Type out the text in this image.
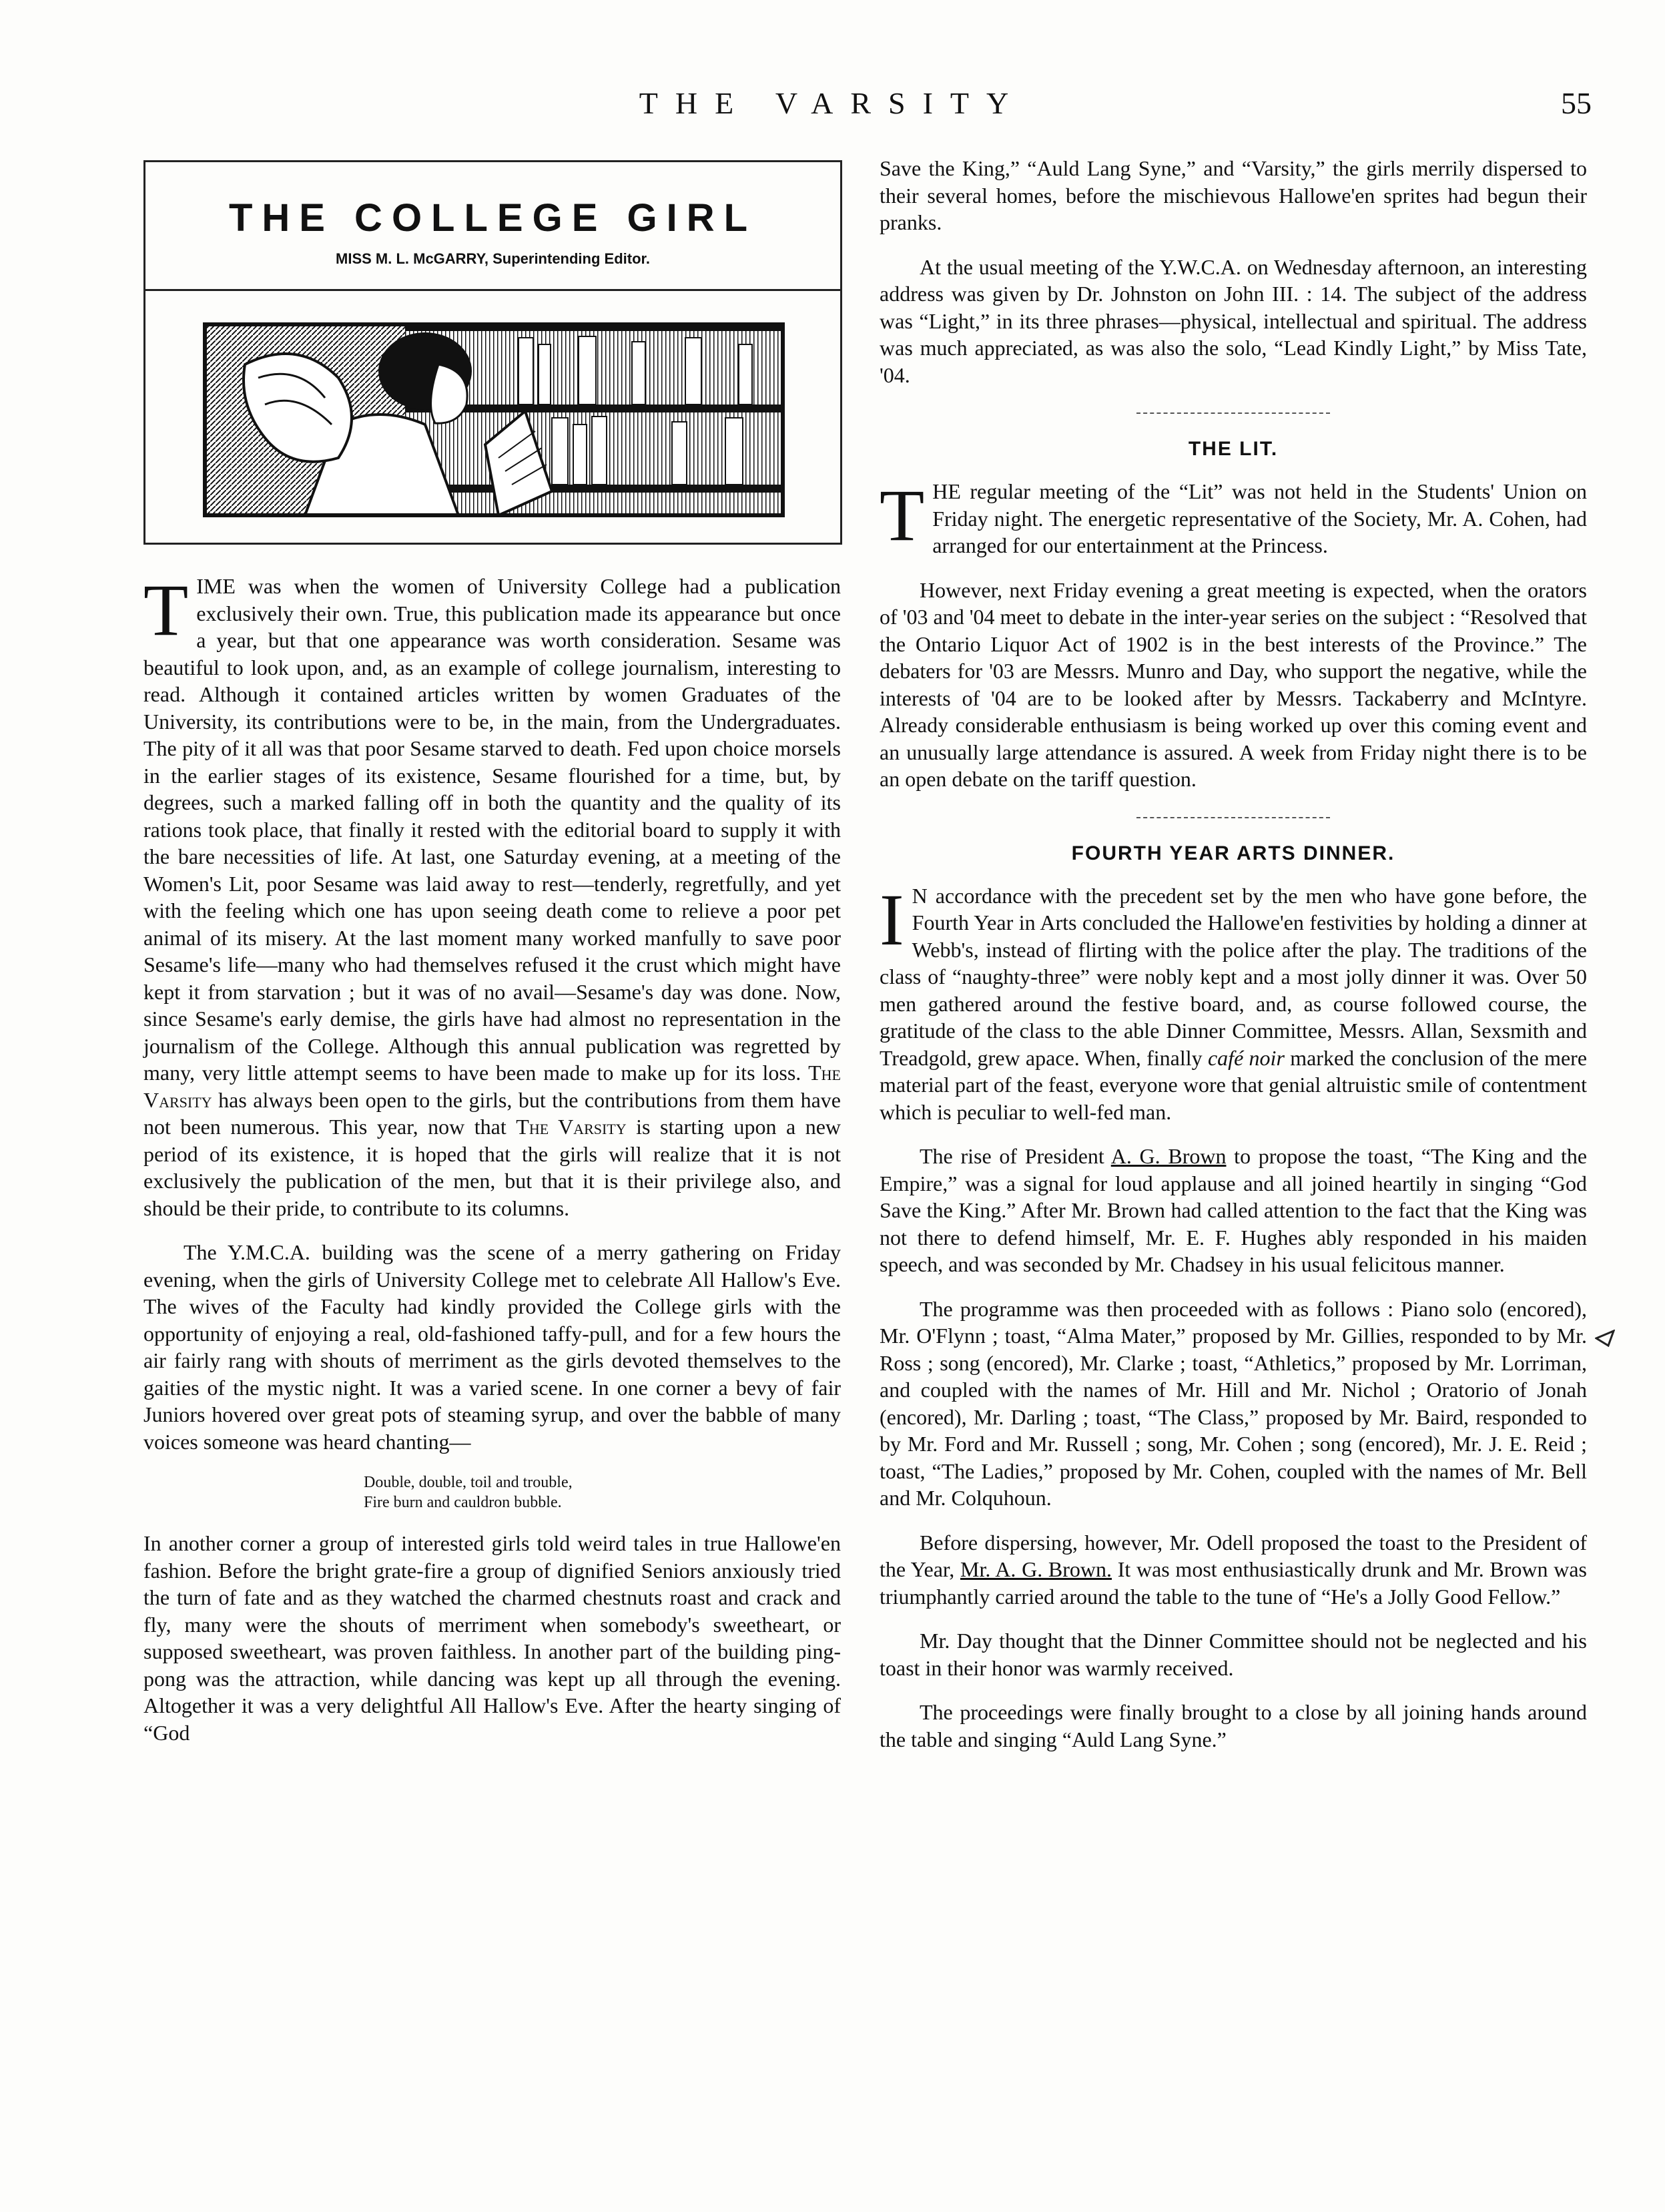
THE VARSITY	55
THE COLLEGE GIRL
MISS M. L. McGARRY, Superintending Editor.

TIME was when the women of University College had a publication exclusively their own. True, this publication made its appearance but once a year, but that one appearance was worth consideration. Sesame was beautiful to look upon, and, as an example of college journalism, interesting to read. Although it contained articles written by women Graduates of the University, its contributions were to be, in the main, from the Undergraduates. The pity of it all was that poor Sesame starved to death. Fed upon choice morsels in the earlier stages of its existence, Sesame flourished for a time, but, by degrees, such a marked falling off in both the quantity and the quality of its rations took place, that finally it rested with the editorial board to supply it with the bare necessities of life. At last, one Saturday evening, at a meeting of the Women's Lit, poor Sesame was laid away to rest—tenderly, regretfully, and yet with the feeling which one has upon seeing death come to relieve a poor pet animal of its misery. At the last moment many worked manfully to save poor Sesame's life—many who had themselves refused it the crust which might have kept it from starvation ; but it was of no avail—Sesame's day was done. Now, since Sesame's early demise, the girls have had almost no representation in the journalism of the College. Although this annual publication was regretted by many, very little attempt seems to have been made to make up for its loss. The Varsity has always been open to the girls, but the contributions from them have not been numerous. This year, now that The Varsity is starting upon a new period of its existence, it is hoped that the girls will realize that it is not exclusively the publication of the men, but that it is their privilege also, and should be their pride, to contribute to its columns.

The Y.M.C.A. building was the scene of a merry gathering on Friday evening, when the girls of University College met to celebrate All Hallow's Eve. The wives of the Faculty had kindly provided the College girls with the opportunity of enjoying a real, old-fashioned taffy-pull, and for a few hours the air fairly rang with shouts of merriment as the girls devoted themselves to the gaities of the mystic night. It was a varied scene. In one corner a bevy of fair Juniors hovered over great pots of steaming syrup, and over the babble of many voices someone was heard chanting—

Double, double, toil and trouble,
Fire burn and cauldron bubble.

In another corner a group of interested girls told weird tales in true Hallowe'en fashion. Before the bright grate-fire a group of dignified Seniors anxiously tried the turn of fate and as they watched the charmed chestnuts roast and crack and fly, many were the shouts of merriment when somebody's sweetheart, or supposed sweetheart, was proven faithless. In another part of the building ping-pong was the attraction, while dancing was kept up all through the evening. Altogether it was a very delightful All Hallow's Eve. After the hearty singing of “God

Save the King,” “Auld Lang Syne,” and “Varsity,” the girls merrily dispersed to their several homes, before the mischievous Hallowe'en sprites had begun their pranks.

At the usual meeting of the Y.W.C.A. on Wednesday afternoon, an interesting address was given by Dr. Johnston on John III. : 14. The subject of the address was “Light,” in its three phrases—physical, intellectual and spiritual. The address was much appreciated, as was also the solo, “Lead Kindly Light,” by Miss Tate, '04.

THE LIT.

THE regular meeting of the “Lit” was not held in the Students' Union on Friday night. The energetic representative of the Society, Mr. A. Cohen, had arranged for our entertainment at the Princess.

However, next Friday evening a great meeting is expected, when the orators of '03 and '04 meet to debate in the inter-year series on the subject : “Resolved that the Ontario Liquor Act of 1902 is in the best interests of the Province.” The debaters for '03 are Messrs. Munro and Day, who support the negative, while the interests of '04 are to be looked after by Messrs. Tackaberry and McIntyre. Already considerable enthusiasm is being worked up over this coming event and an unusually large attendance is assured. A week from Friday night there is to be an open debate on the tariff question.

FOURTH YEAR ARTS DINNER.

I N accordance with the precedent set by the men who have gone before, the Fourth Year in Arts concluded the Hallowe'en festivities by holding a dinner at Webb's, instead of flirting with the police after the play. The traditions of the class of “naughty-three” were nobly kept and a most jolly dinner it was. Over 50 men gathered around the festive board, and, as course followed course, the gratitude of the class to the able Dinner Committee, Messrs. Allan, Sexsmith and Treadgold, grew apace. When, finally café noir marked the conclusion of the mere material part of the feast, everyone wore that genial altruistic smile of contentment which is peculiar to well-fed man.

The rise of President A. G. Brown to propose the toast, “The King and the Empire,” was a signal for loud applause and all joined heartily in singing “God Save the King.” After Mr. Brown had called attention to the fact that the King was not there to defend himself, Mr. E. F. Hughes ably responded in his maiden speech, and was seconded by Mr. Chadsey in his usual felicitous manner.

The programme was then proceeded with as follows : Piano solo (encored), Mr. O'Flynn ; toast, “Alma Mater,” proposed by Mr. Gillies, responded to by Mr. Ross ; song (encored), Mr. Clarke ; toast, “Athletics,” proposed by Mr. Lorriman, and coupled with the names of Mr. Hill and Mr. Nichol ; Oratorio of Jonah (encored), Mr. Darling ; toast, “The Class,” proposed by Mr. Baird, responded to by Mr. Ford and Mr. Russell ; song, Mr. Cohen ; song (encored), Mr. J. E. Reid ; toast, “The Ladies,” proposed by Mr. Cohen, coupled with the names of Mr. Bell and Mr. Colquhoun.

Before dispersing, however, Mr. Odell proposed the toast to the President of the Year, Mr. A. G. Brown. It was most enthusiastically drunk and Mr. Brown was triumphantly carried around the table to the tune of “He's a Jolly Good Fellow.”

Mr. Day thought that the Dinner Committee should not be neglected and his toast in their honor was warmly received.

The proceedings were finally brought to a close by all joining hands around the table and singing “Auld Lang Syne.”
